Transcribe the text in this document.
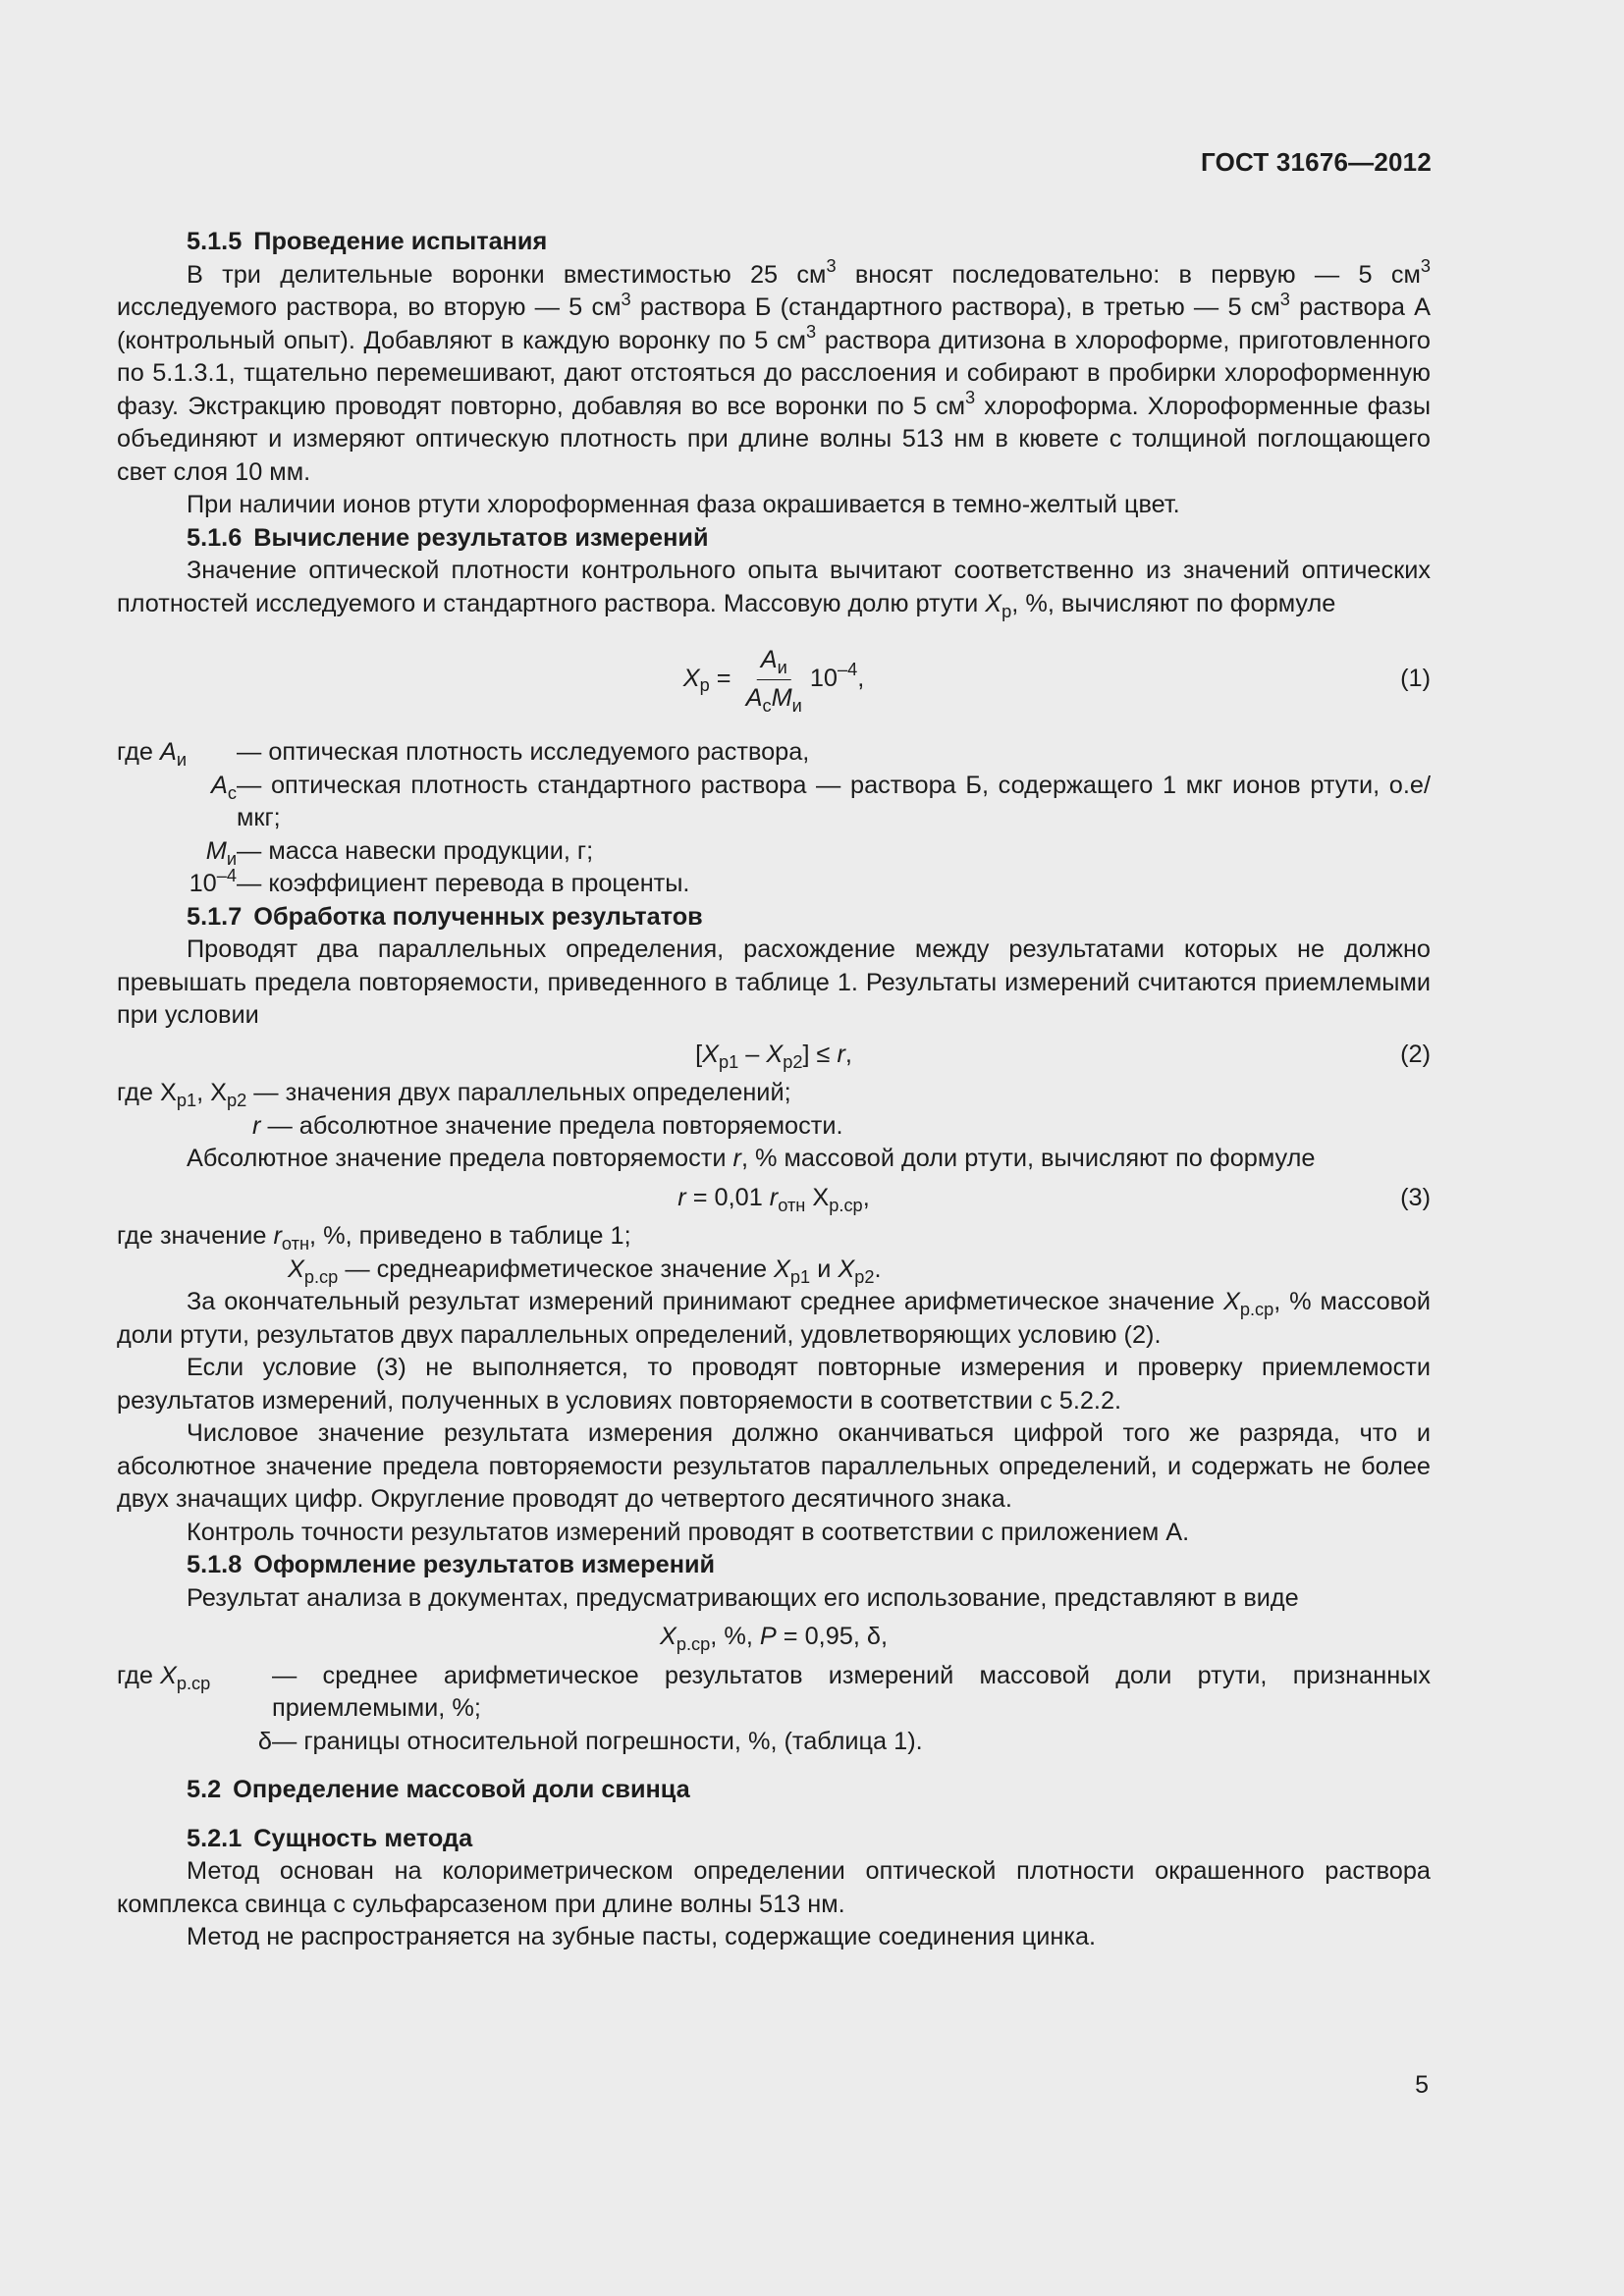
ГОСТ 31676—2012

5.1.5 Проведение испытания

В три делительные воронки вместимостью 25 $см^3$ вносят последовательно: в первую — 5 $см^3$ исследуемого раствора, во вторую — 5 $см^3$ раствора Б (стандартного раствора), в третью — 5 $см^3$ раствора А (контрольный опыт). Добавляют в каждую воронку по 5 $см^3$ раствора дитизона в хлороформе, приготовленного по 5.1.3.1, тщательно перемешивают, дают отстояться до расслоения и собирают в пробирки хлороформенную фазу. Экстракцию проводят повторно, добавляя во все воронки по 5 $см^3$ хлороформа. Хлороформенные фазы объединяют и измеряют оптическую плотность при длине волны 513 нм в кювете с толщиной поглощающего свет слоя 10 мм.

При наличии ионов ртути хлороформенная фаза окрашивается в темно-желтый цвет.

5.1.6 Вычисление результатов измерений

Значение оптической плотности контрольного опыта вычитают соответственно из значений оптических плотностей исследуемого и стандартного раствора. Массовую долю ртути $X_р$, %, вычисляют по формуле

$X_р = \frac{A_и}{A_сM_и} 10^{-4}$ ,	(1)
где $A_и$	— оптическая плотность исследуемого раствора,
$A_с$ — оптическая плотность стандартного раствора — раствора Б, содержащего 1 мкг ионов ртути, о.е/мкг;
$M_и$ — масса навески продукции, г;
$10^{-4}$ — коэффициент перевода в проценты.

5.1.7 Обработка полученных результатов

Проводят два параллельных определения, расхождение между результатами которых не должно превышать предела повторяемости, приведенного в таблице 1. Результаты измерений считаются приемлемыми при условии

$[X_{р1} - X_{р2}] \le r$,	(2)

где $X_{р1}$, $X_{р2}$ — значения двух параллельных определений;

r — абсолютное значение предела повторяемости.

Абсолютное значение предела повторяемости r, % массовой доли ртути, вычисляют по формуле

r = 0,01 $r_{отн}$ $X_{р.ср}$,	(3)

где значение $r_{отн}$, %, приведено в таблице 1;

$X_{р.ср}$ — среднеарифметическое значение $X_{р1}$ и $X_{р2}$.

За окончательный результат измерений принимают среднее арифметическое значение $X_{р.ср}$, % массовой доли ртути, результатов двух параллельных определений, удовлетворяющих условию (2).

Если условие (3) не выполняется, то проводят повторные измерения и проверку приемлемости результатов измерений, полученных в условиях повторяемости в соответствии с 5.2.2.

Числовое значение результата измерения должно оканчиваться цифрой того же разряда, что и абсолютное значение предела повторяемости результатов параллельных определений, и содержать не более двух значащих цифр. Округление проводят до четвертого десятичного знака.

Контроль точности результатов измерений проводят в соответствии с приложением А.

5.1.8 Оформление результатов измерений

Результат анализа в документах, предусматривающих его использование, представляют в виде

$X_{р.ср}$, %, P = 0,95, δ,
где $X_{р.ср}$	— среднее арифметическое результатов измерений массовой доли ртути, признанных приемлемыми, %;
δ — границы относительной погрешности, %, (таблица 1).

5.2 Определение массовой доли свинца

5.2.1 Сущность метода

Метод основан на колориметрическом определении оптической плотности окрашенного раствора комплекса свинца с сульфарсазеном при длине волны 513 нм.

Метод не распространяется на зубные пасты, содержащие соединения цинка.

5
